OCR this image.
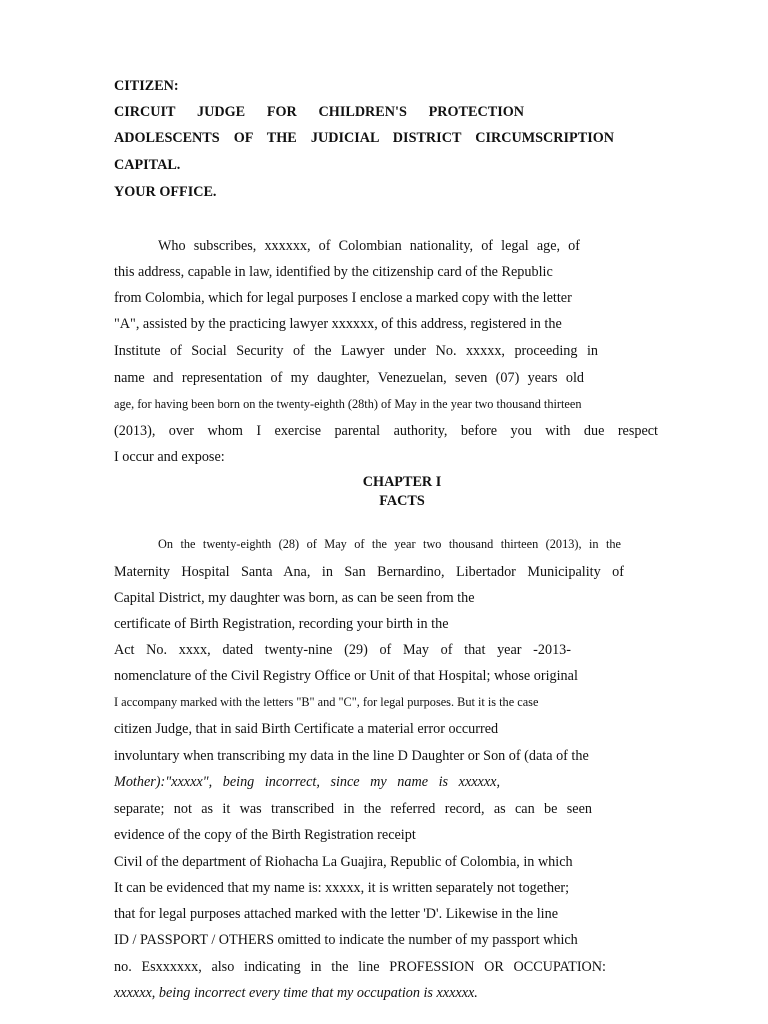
CITIZEN:
CIRCUIT JUDGE FOR CHILDREN'S PROTECTION
ADOLESCENTS OF THE JUDICIAL DISTRICT CIRCUMSCRIPTION
CAPITAL.
YOUR OFFICE.
Who subscribes, xxxxxx, of Colombian nationality, of legal age, of
this address, capable in law, identified by the citizenship card of the Republic
from Colombia, which for legal purposes I enclose a marked copy with the letter
"A", assisted by the practicing lawyer xxxxxx, of this address, registered in the
Institute of Social Security of the Lawyer under No. xxxxx, proceeding in
name and representation of my daughter, Venezuelan, seven (07) years old
age, for having been born on the twenty-eighth (28th) of May in the year two thousand thirteen
(2013), over whom I exercise parental authority, before you with due respect
I occur and expose:
CHAPTER I
FACTS
On the twenty-eighth (28) of May of the year two thousand thirteen (2013), in the
Maternity Hospital Santa Ana, in San Bernardino, Libertador Municipality of
Capital District, my daughter was born, as can be seen from the
certificate of Birth Registration, recording your birth in the
Act No. xxxx, dated twenty-nine (29) of May of that year -2013-
nomenclature of the Civil Registry Office or Unit of that Hospital; whose original
I accompany marked with the letters "B" and "C", for legal purposes. But it is the case
citizen Judge, that in said Birth Certificate a material error occurred
involuntary when transcribing my data in the line D Daughter or Son of (data of the
Mother):"xxxxx", being incorrect, since my name is xxxxxx,
separate; not as it was transcribed in the referred record, as can be seen
evidence of the copy of the Birth Registration receipt
Civil of the department of Riohacha La Guajira, Republic of Colombia, in which
It can be evidenced that my name is: xxxxx, it is written separately not together;
that for legal purposes attached marked with the letter 'D'. Likewise in the line
ID / PASSPORT / OTHERS omitted to indicate the number of my passport which
no. Esxxxxxx, also indicating in the line PROFESSION OR OCCUPATION:
xxxxxx, being incorrect every time that my occupation is xxxxxx.
